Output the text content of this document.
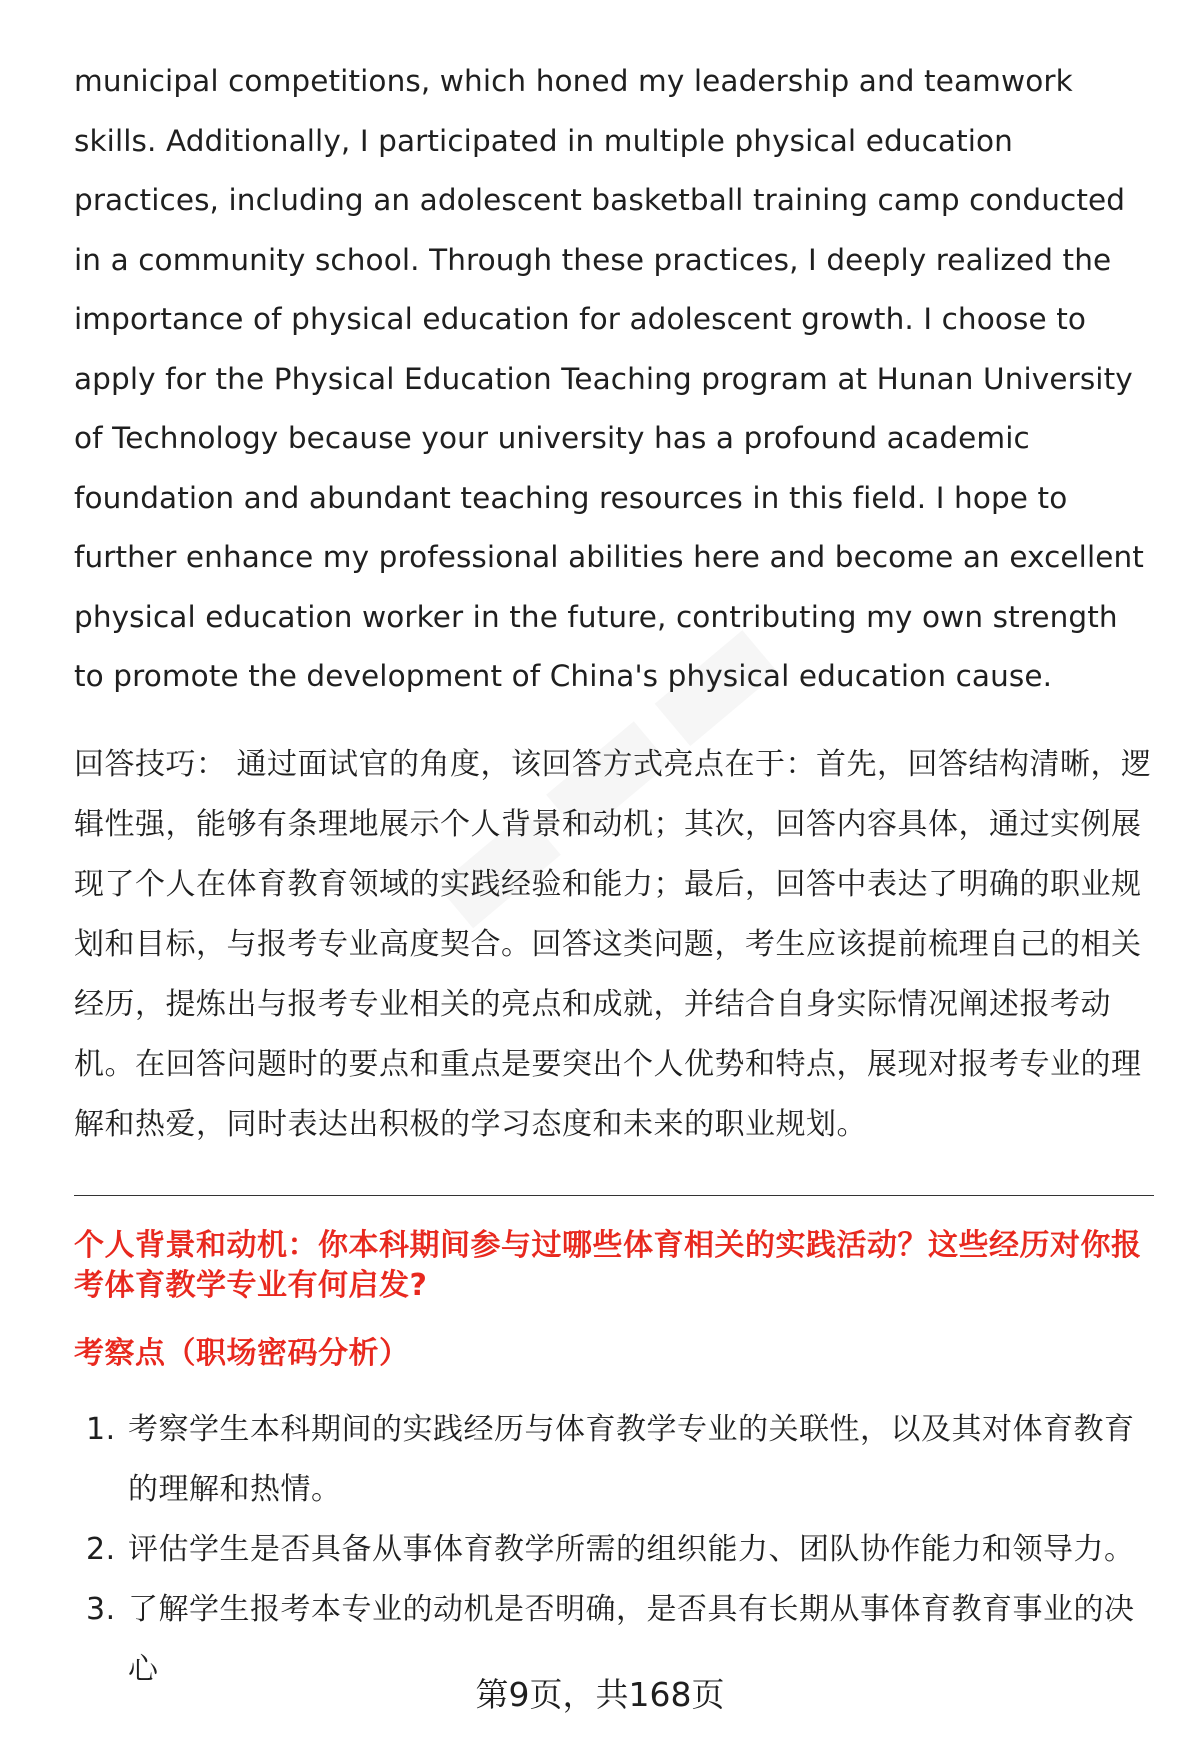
municipal competitions, which honed my leadership and teamwork skills. Additionally, I participated in multiple physical education practices, including an adolescent basketball training camp conducted in a community school. Through these practices, I deeply realized the importance of physical education for adolescent growth. I choose to apply for the Physical Education Teaching program at Hunan University of Technology because your university has a profound academic foundation and abundant teaching resources in this field. I hope to further enhance my professional abilities here and become an excellent physical education worker in the future, contributing my own strength to promote the development of China's physical education cause.

回答技巧： 通过面试官的角度，该回答方式亮点在于：首先，回答结构清晰，逻辑性强，能够有条理地展示个人背景和动机；其次，回答内容具体，通过实例展现了个人在体育教育领域的实践经验和能力；最后，回答中表达了明确的职业规划和目标，与报考专业高度契合。回答这类问题，考生应该提前梳理自己的相关经历，提炼出与报考专业相关的亮点和成就，并结合自身实际情况阐述报考动机。在回答问题时的要点和重点是要突出个人优势和特点，展现对报考专业的理解和热爱，同时表达出积极的学习态度和未来的职业规划。
个人背景和动机：你本科期间参与过哪些体育相关的实践活动？这些经历对你报考体育教学专业有何启发?
考察点（职场密码分析）
1. 考察学生本科期间的实践经历与体育教学专业的关联性，以及其对体育教育的理解和热情。
2. 评估学生是否具备从事体育教学所需的组织能力、团队协作能力和领导力。
3. 了解学生报考本专业的动机是否明确，是否具有长期从事体育教育事业的决心
第9页，共168页
